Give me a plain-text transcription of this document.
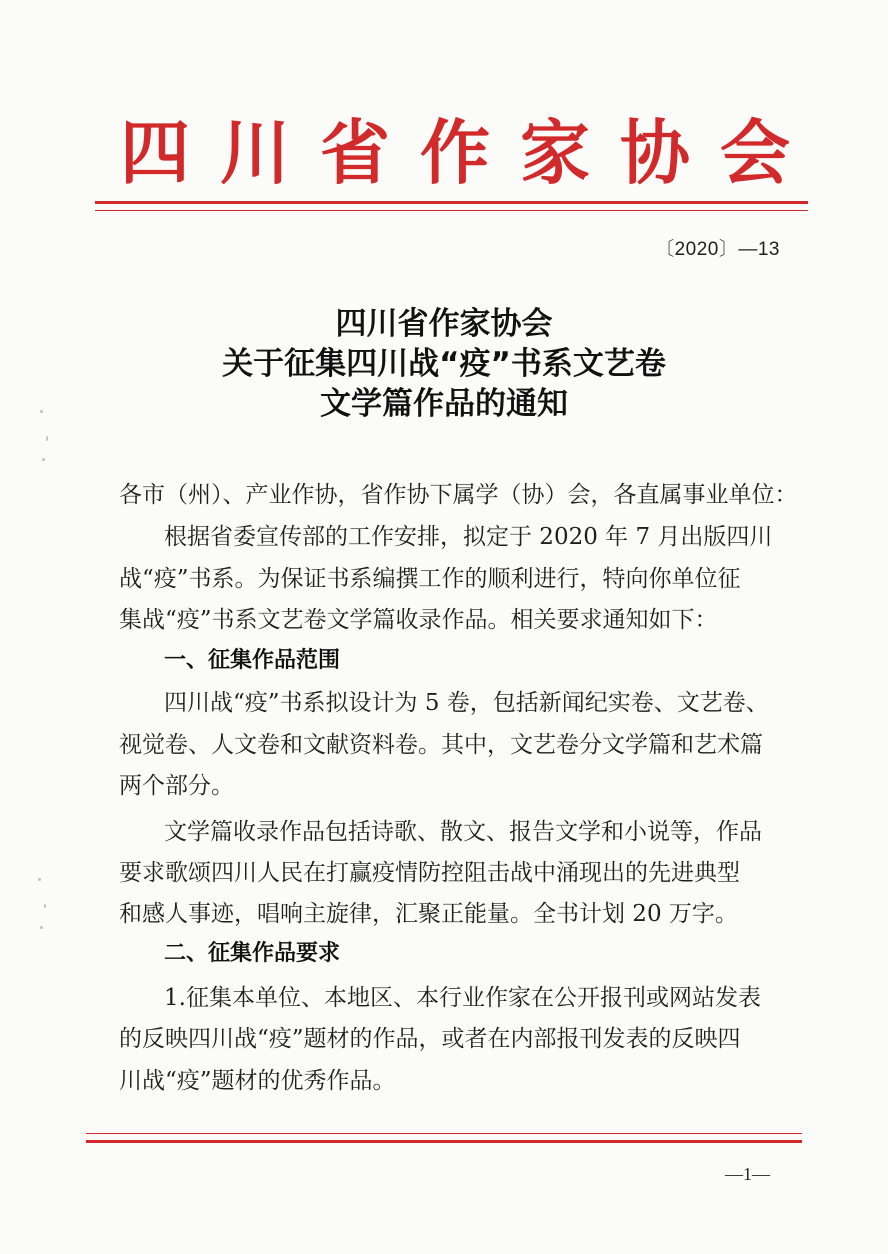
四 川 省 作 家 协 会
〔2020〕—13
四川省作家协会
关于征集四川战“疫”书系文艺卷
文学篇作品的通知
各市（州）、产业作协，省作协下属学（协）会，各直属事业单位：
根据省委宣传部的工作安排，拟定于 2020 年 7 月出版四川
战“疫”书系。为保证书系编撰工作的顺利进行，特向你单位征
集战“疫”书系文艺卷文学篇收录作品。相关要求通知如下：
一、征集作品范围
四川战“疫”书系拟设计为 5 卷，包括新闻纪实卷、文艺卷、
视觉卷、人文卷和文献资料卷。其中，文艺卷分文学篇和艺术篇
两个部分。
文学篇收录作品包括诗歌、散文、报告文学和小说等，作品
要求歌颂四川人民在打赢疫情防控阻击战中涌现出的先进典型
和感人事迹，唱响主旋律，汇聚正能量。全书计划 20 万字。
二、征集作品要求
1.征集本单位、本地区、本行业作家在公开报刊或网站发表
的反映四川战“疫”题材的作品，或者在内部报刊发表的反映四
川战“疫”题材的优秀作品。
—1—
